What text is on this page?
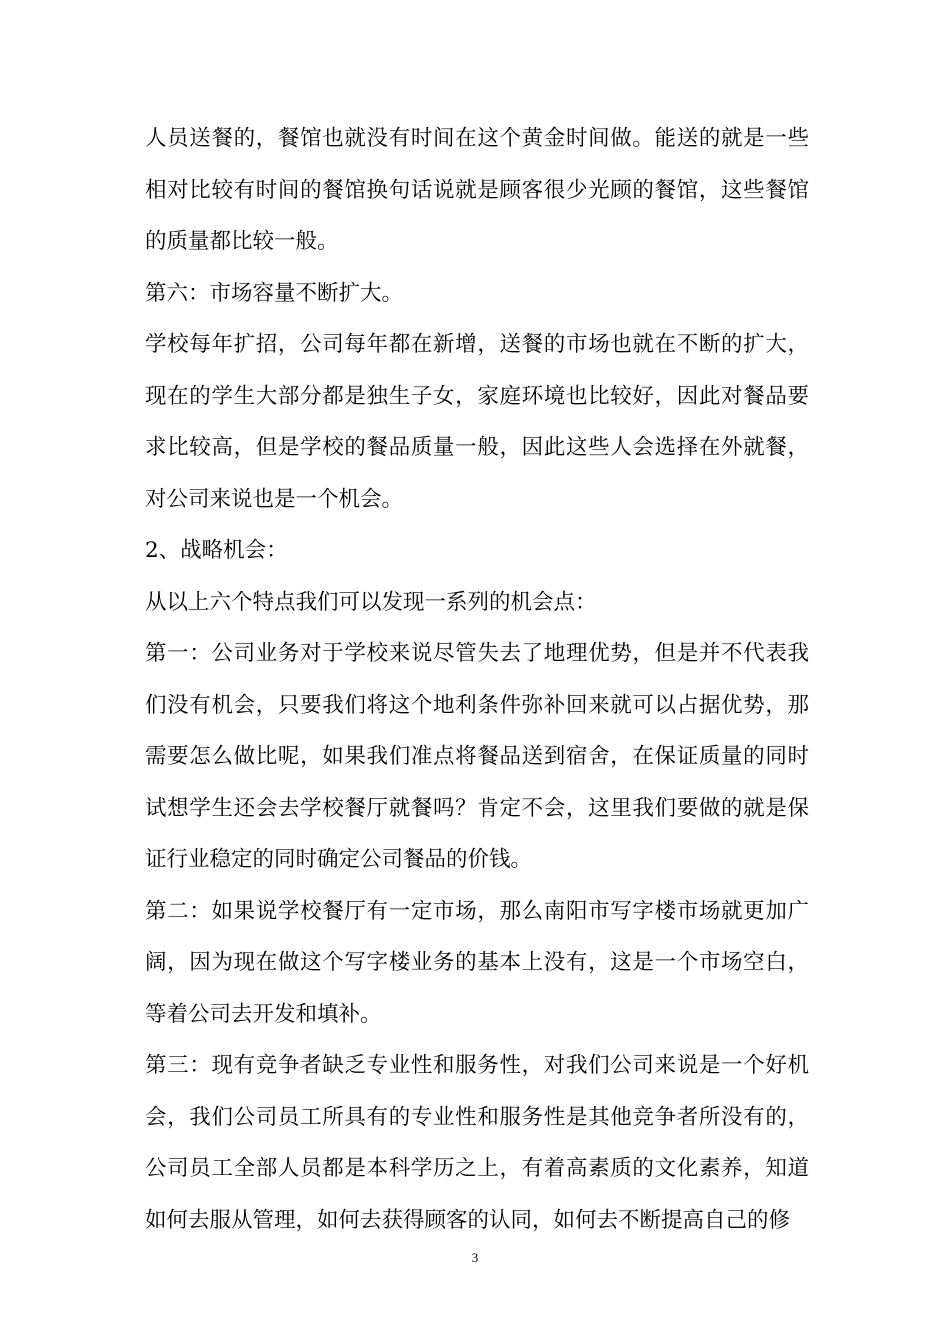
人员送餐的，餐馆也就没有时间在这个黄金时间做。能送的就是一些相对比较有时间的餐馆换句话说就是顾客很少光顾的餐馆，这些餐馆的质量都比较一般。

第六：市场容量不断扩大。

学校每年扩招，公司每年都在新增，送餐的市场也就在不断的扩大，现在的学生大部分都是独生子女，家庭环境也比较好，因此对餐品要求比较高，但是学校的餐品质量一般，因此这些人会选择在外就餐，对公司来说也是一个机会。

2、战略机会：

从以上六个特点我们可以发现一系列的机会点：

第一：公司业务对于学校来说尽管失去了地理优势，但是并不代表我们没有机会，只要我们将这个地利条件弥补回来就可以占据优势，那需要怎么做比呢，如果我们准点将餐品送到宿舍，在保证质量的同时试想学生还会去学校餐厅就餐吗？肯定不会，这里我们要做的就是保证行业稳定的同时确定公司餐品的价钱。

第二：如果说学校餐厅有一定市场，那么南阳市写字楼市场就更加广阔，因为现在做这个写字楼业务的基本上没有，这是一个市场空白，等着公司去开发和填补。

第三：现有竞争者缺乏专业性和服务性，对我们公司来说是一个好机会，我们公司员工所具有的专业性和服务性是其他竞争者所没有的，公司员工全部人员都是本科学历之上，有着高素质的文化素养，知道如何去服从管理，如何去获得顾客的认同，如何去不断提高自己的修

3
